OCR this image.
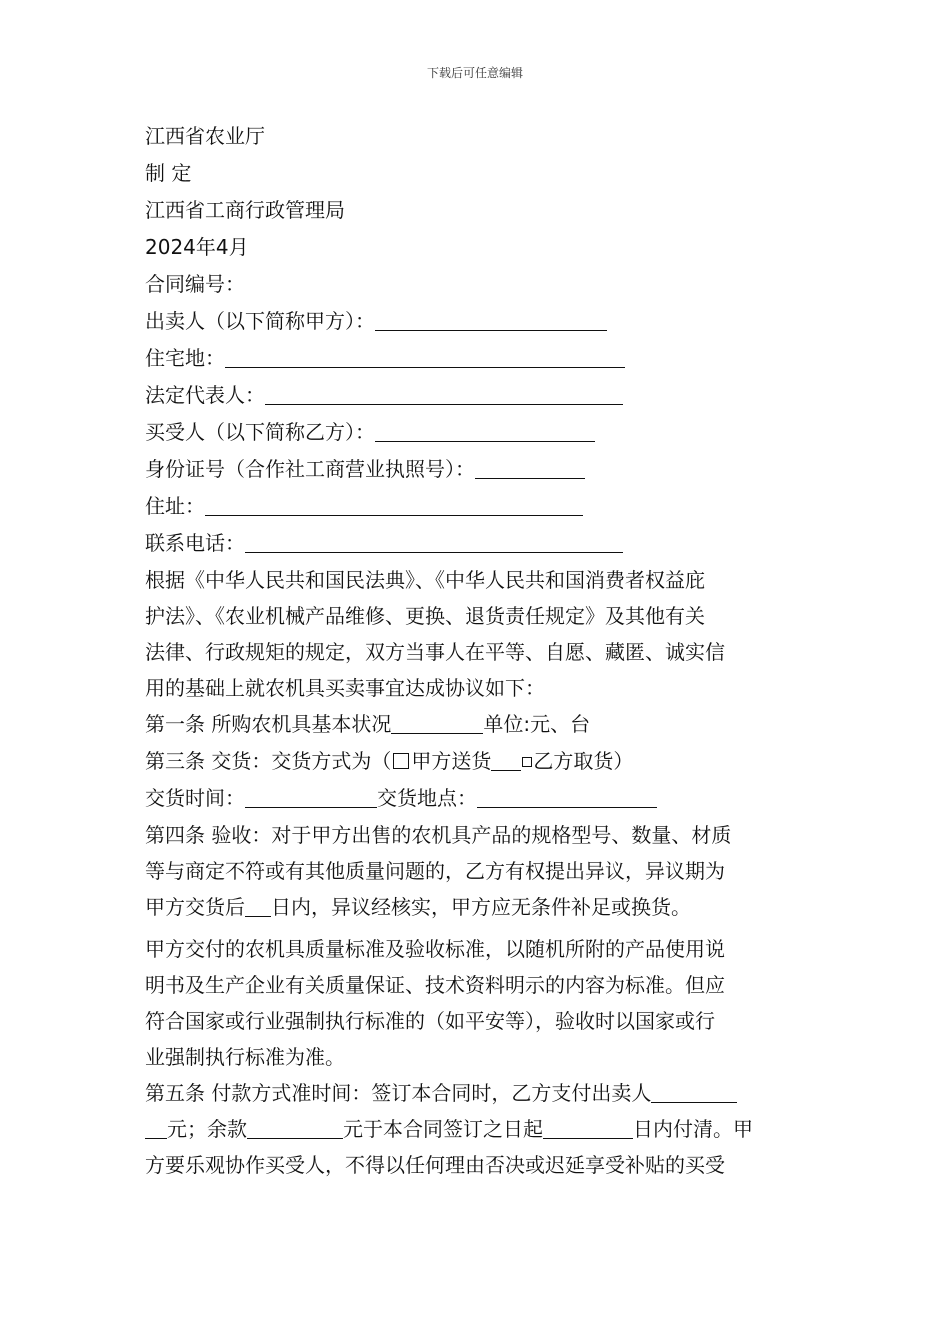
下载后可任意编辑
江西省农业厅
制 定
江西省工商行政管理局
2024年4月
合同编号：
出卖人（以下简称甲方）：
住宅地：
法定代表人：
买受人（以下简称乙方）：
身份证号（合作社工商营业执照号）：
住址：
联系电话：
根据《中华人民共和国民法典》、《中华人民共和国消费者权益庇
护法》、《农业机械产品维修、更换、退货责任规定》及其他有关
法律、行政规矩的规定，双方当事人在平等、自愿、藏匿、诚实信
用的基础上就农机具买卖事宜达成协议如下：
第一条 所购农机具基本状况	单位:元、台
第三条 交货：交货方式为（ 甲方送货 乙方取货）
交货时间：	交货地点：
第四条 验收：对于甲方出售的农机具产品的规格型号、数量、材质
等与商定不符或有其他质量问题的，乙方有权提出异议，异议期为
甲方交货后 日内，异议经核实，甲方应无条件补足或换货。
甲方交付的农机具质量标准及验收标准，以随机所附的产品使用说
明书及生产企业有关质量保证、技术资料明示的内容为标准。但应
符合国家或行业强制执行标准的（如平安等），验收时以国家或行
业强制执行标准为准。
第五条 付款方式准时间：签订本合同时，乙方支付出卖人
元；余款	元于本合同签订之日起	日内付清。甲
方要乐观协作买受人，不得以任何理由否决或迟延享受补贴的买受
